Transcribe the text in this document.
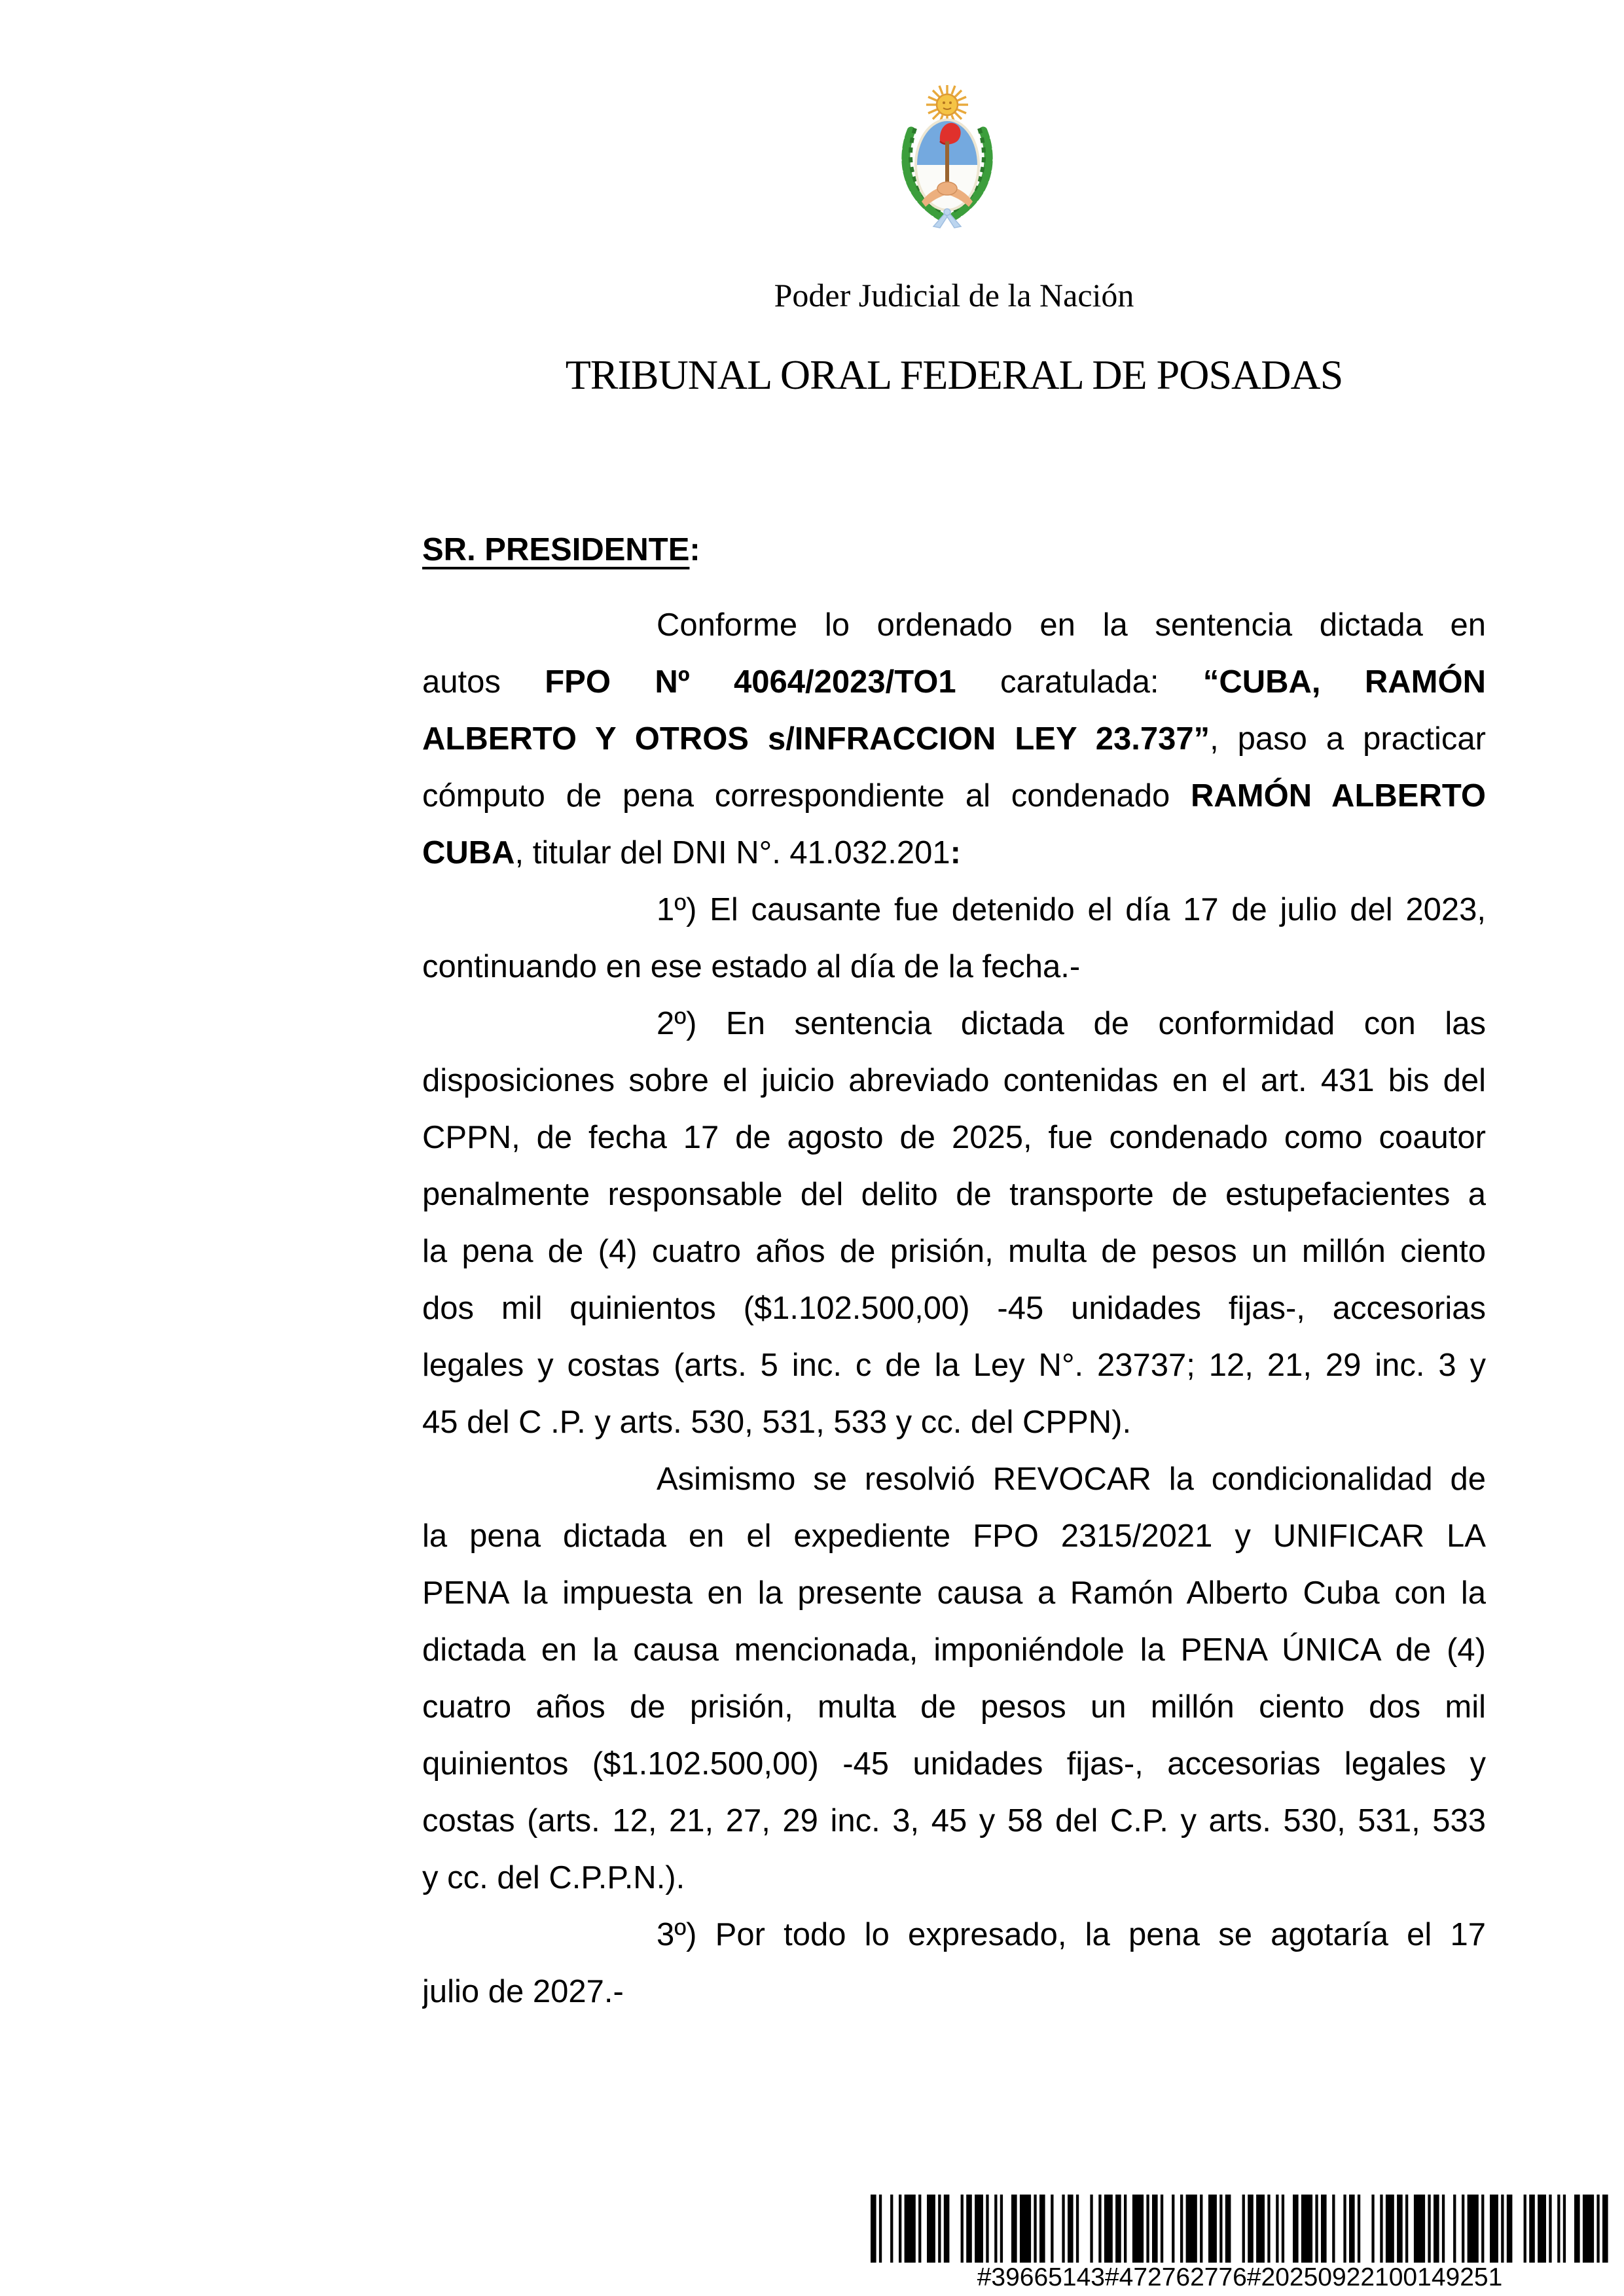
Poder Judicial de la Nación
TRIBUNAL ORAL FEDERAL DE POSADAS
SR. PRESIDENTE:
Conforme lo ordenado en la sentencia dictada en
autos FPO Nº 4064/2023/TO1 caratulada: “CUBA, RAMÓN
ALBERTO Y OTROS s/INFRACCION LEY 23.737”, paso a practicar
cómputo de pena correspondiente al condenado RAMÓN ALBERTO
CUBA, titular del DNI N°. 41.032.201:
1º) El causante fue detenido el día 17 de julio del 2023,
continuando en ese estado al día de la fecha.-
2º) En sentencia dictada de conformidad con las
disposiciones sobre el juicio abreviado contenidas en el art. 431 bis del
CPPN, de fecha 17 de agosto de 2025, fue condenado como coautor
penalmente responsable del delito de transporte de estupefacientes a
la pena de (4) cuatro años de prisión, multa de pesos un millón ciento
dos mil quinientos ($1.102.500,00) -45 unidades fijas-, accesorias
legales y costas (arts. 5 inc. c de la Ley N°. 23737; 12, 21, 29 inc. 3 y
45 del C .P. y arts. 530, 531, 533 y cc. del CPPN).
Asimismo se resolvió REVOCAR la condicionalidad de
la pena dictada en el expediente FPO 2315/2021 y UNIFICAR LA
PENA la impuesta en la presente causa a Ramón Alberto Cuba con la
dictada en la causa mencionada, imponiéndole la PENA ÚNICA de (4)
cuatro años de prisión, multa de pesos un millón ciento dos mil
quinientos ($1.102.500,00) -45 unidades fijas-, accesorias legales y
costas (arts. 12, 21, 27, 29 inc. 3, 45 y 58 del C.P. y arts. 530, 531, 533
y cc. del C.P.P.N.).
3º) Por todo lo expresado, la pena se agotaría el 17
julio de 2027.-
#39665143#472762776#20250922100149251
